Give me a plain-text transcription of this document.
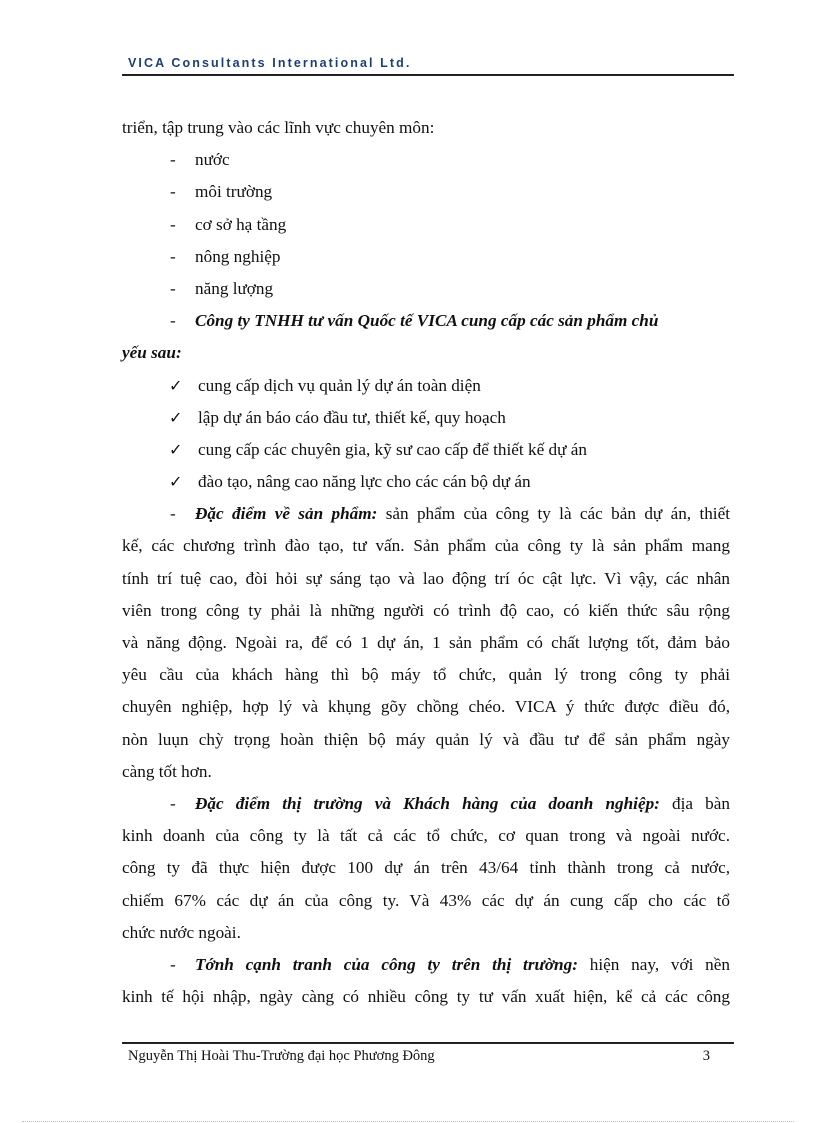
VICA Consultants International Ltd.
triển, tập trung vào các lĩnh vực chuyên môn:
- nước
- môi trường
- cơ sở hạ tầng
- nông nghiệp
- năng lượng
- Công ty TNHH tư vấn Quốc tế VICA cung cấp các sản phẩm chủ
yếu sau:
✓ cung cấp dịch vụ quản lý dự án toàn diện
✓ lập dự án báo cáo đầu tư, thiết kế, quy hoạch
✓ cung cấp các chuyên gia, kỹ sư cao cấp để thiết kế dự án
✓ đào tạo, nâng cao năng lực cho các cán bộ dự án
- Đặc điểm về sản phẩm: sản phẩm của công ty là các bản dự án, thiết
kế, các chương trình đào tạo, tư vấn. Sản phẩm của công ty là sản phẩm mang
tính trí tuệ cao, đòi hỏi sự sáng tạo và lao động trí óc cật lực. Vì vậy, các nhân
viên trong công ty phải là những người có trình độ cao, có kiến thức sâu rộng
và năng động. Ngoài ra, để có 1 dự án, 1 sản phẩm có chất lượng tốt, đảm bảo
yêu cầu của khách hàng thì bộ máy tổ chức, quản lý trong công ty phải
chuyên nghiệp, hợp lý và khụng gõy chồng chéo. VICA ý thức được điều đó,
nòn luụn chỳ trọng hoàn thiện bộ máy quản lý và đầu tư để sản phẩm ngày
càng tốt hơn.
- Đặc điểm thị trường và Khách hàng của doanh nghiệp: địa bàn
kinh doanh của công ty là tất cả các tổ chức, cơ quan trong và ngoài nước.
công ty đã thực hiện được 100 dự án trên 43/64 tỉnh thành trong cả nước,
chiếm 67% các dự án của công ty. Và 43% các dự án cung cấp cho các tổ
chức nước ngoài.
- Tớnh cạnh tranh của công ty trên thị trường: hiện nay, với nền
kinh tế hội nhập, ngày càng có nhiều công ty tư vấn xuất hiện, kể cả các công
Nguyễn Thị Hoài Thu-Trường đại học Phương Đông	3
